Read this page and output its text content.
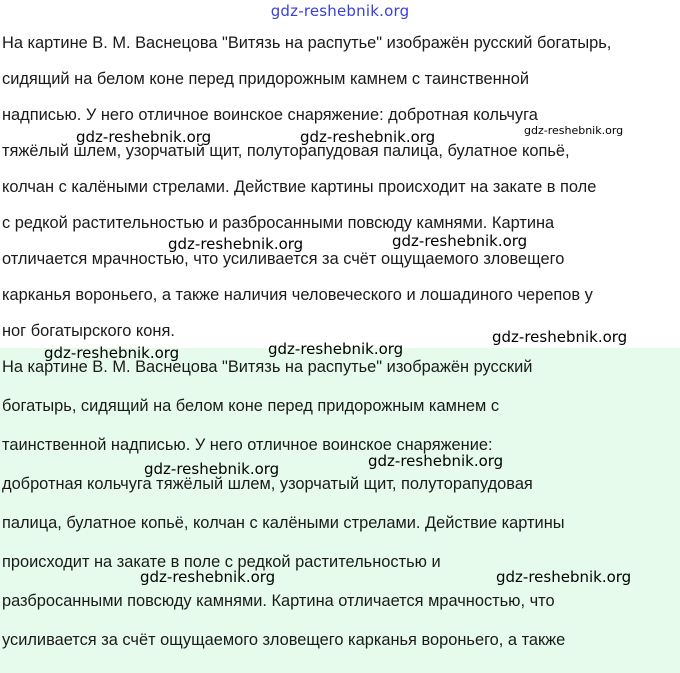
gdz-reshebnik.org
На картине В. М. Васнецова "Витязь на распутье" изображён русский богатырь,
сидящий на белом коне перед придорожным камнем с таинственной
надписью. У него отличное воинское снаряжение: добротная кольчуга
тяжёлый шлем, узорчатый щит, полуторапудовая палица, булатное копьё,
колчан с калёными стрелами. Действие картины происходит на закате в поле
с редкой растительностью и разбросанными повсюду камнями. Картина
отличается мрачностью, что усиливается за счёт ощущаемого зловещего
карканья вороньего, а также наличия человеческого и лошадиного черепов у
ног богатырского коня.
На картине В. М. Васнецова "Витязь на распутье" изображён русский
богатырь, сидящий на белом коне перед придорожным камнем с
таинственной надписью. У него отличное воинское снаряжение:
добротная кольчуга тяжёлый шлем, узорчатый щит, полуторапудовая
палица, булатное копьё, колчан с калёными стрелами. Действие картины
происходит на закате в поле с редкой растительностью и
разбросанными повсюду камнями. Картина отличается мрачностью, что
усиливается за счёт ощущаемого зловещего карканья вороньего, а также
gdz-reshebnik.org	gdz-reshebnik.org	gdz-reshebnik.org
gdz-reshebnik.org	gdz-reshebnik.org
gdz-reshebnik.org
gdz-reshebnik.org	gdz-reshebnik.org
gdz-reshebnik.org	gdz-reshebnik.org
gdz-reshebnik.org	gdz-reshebnik.org
